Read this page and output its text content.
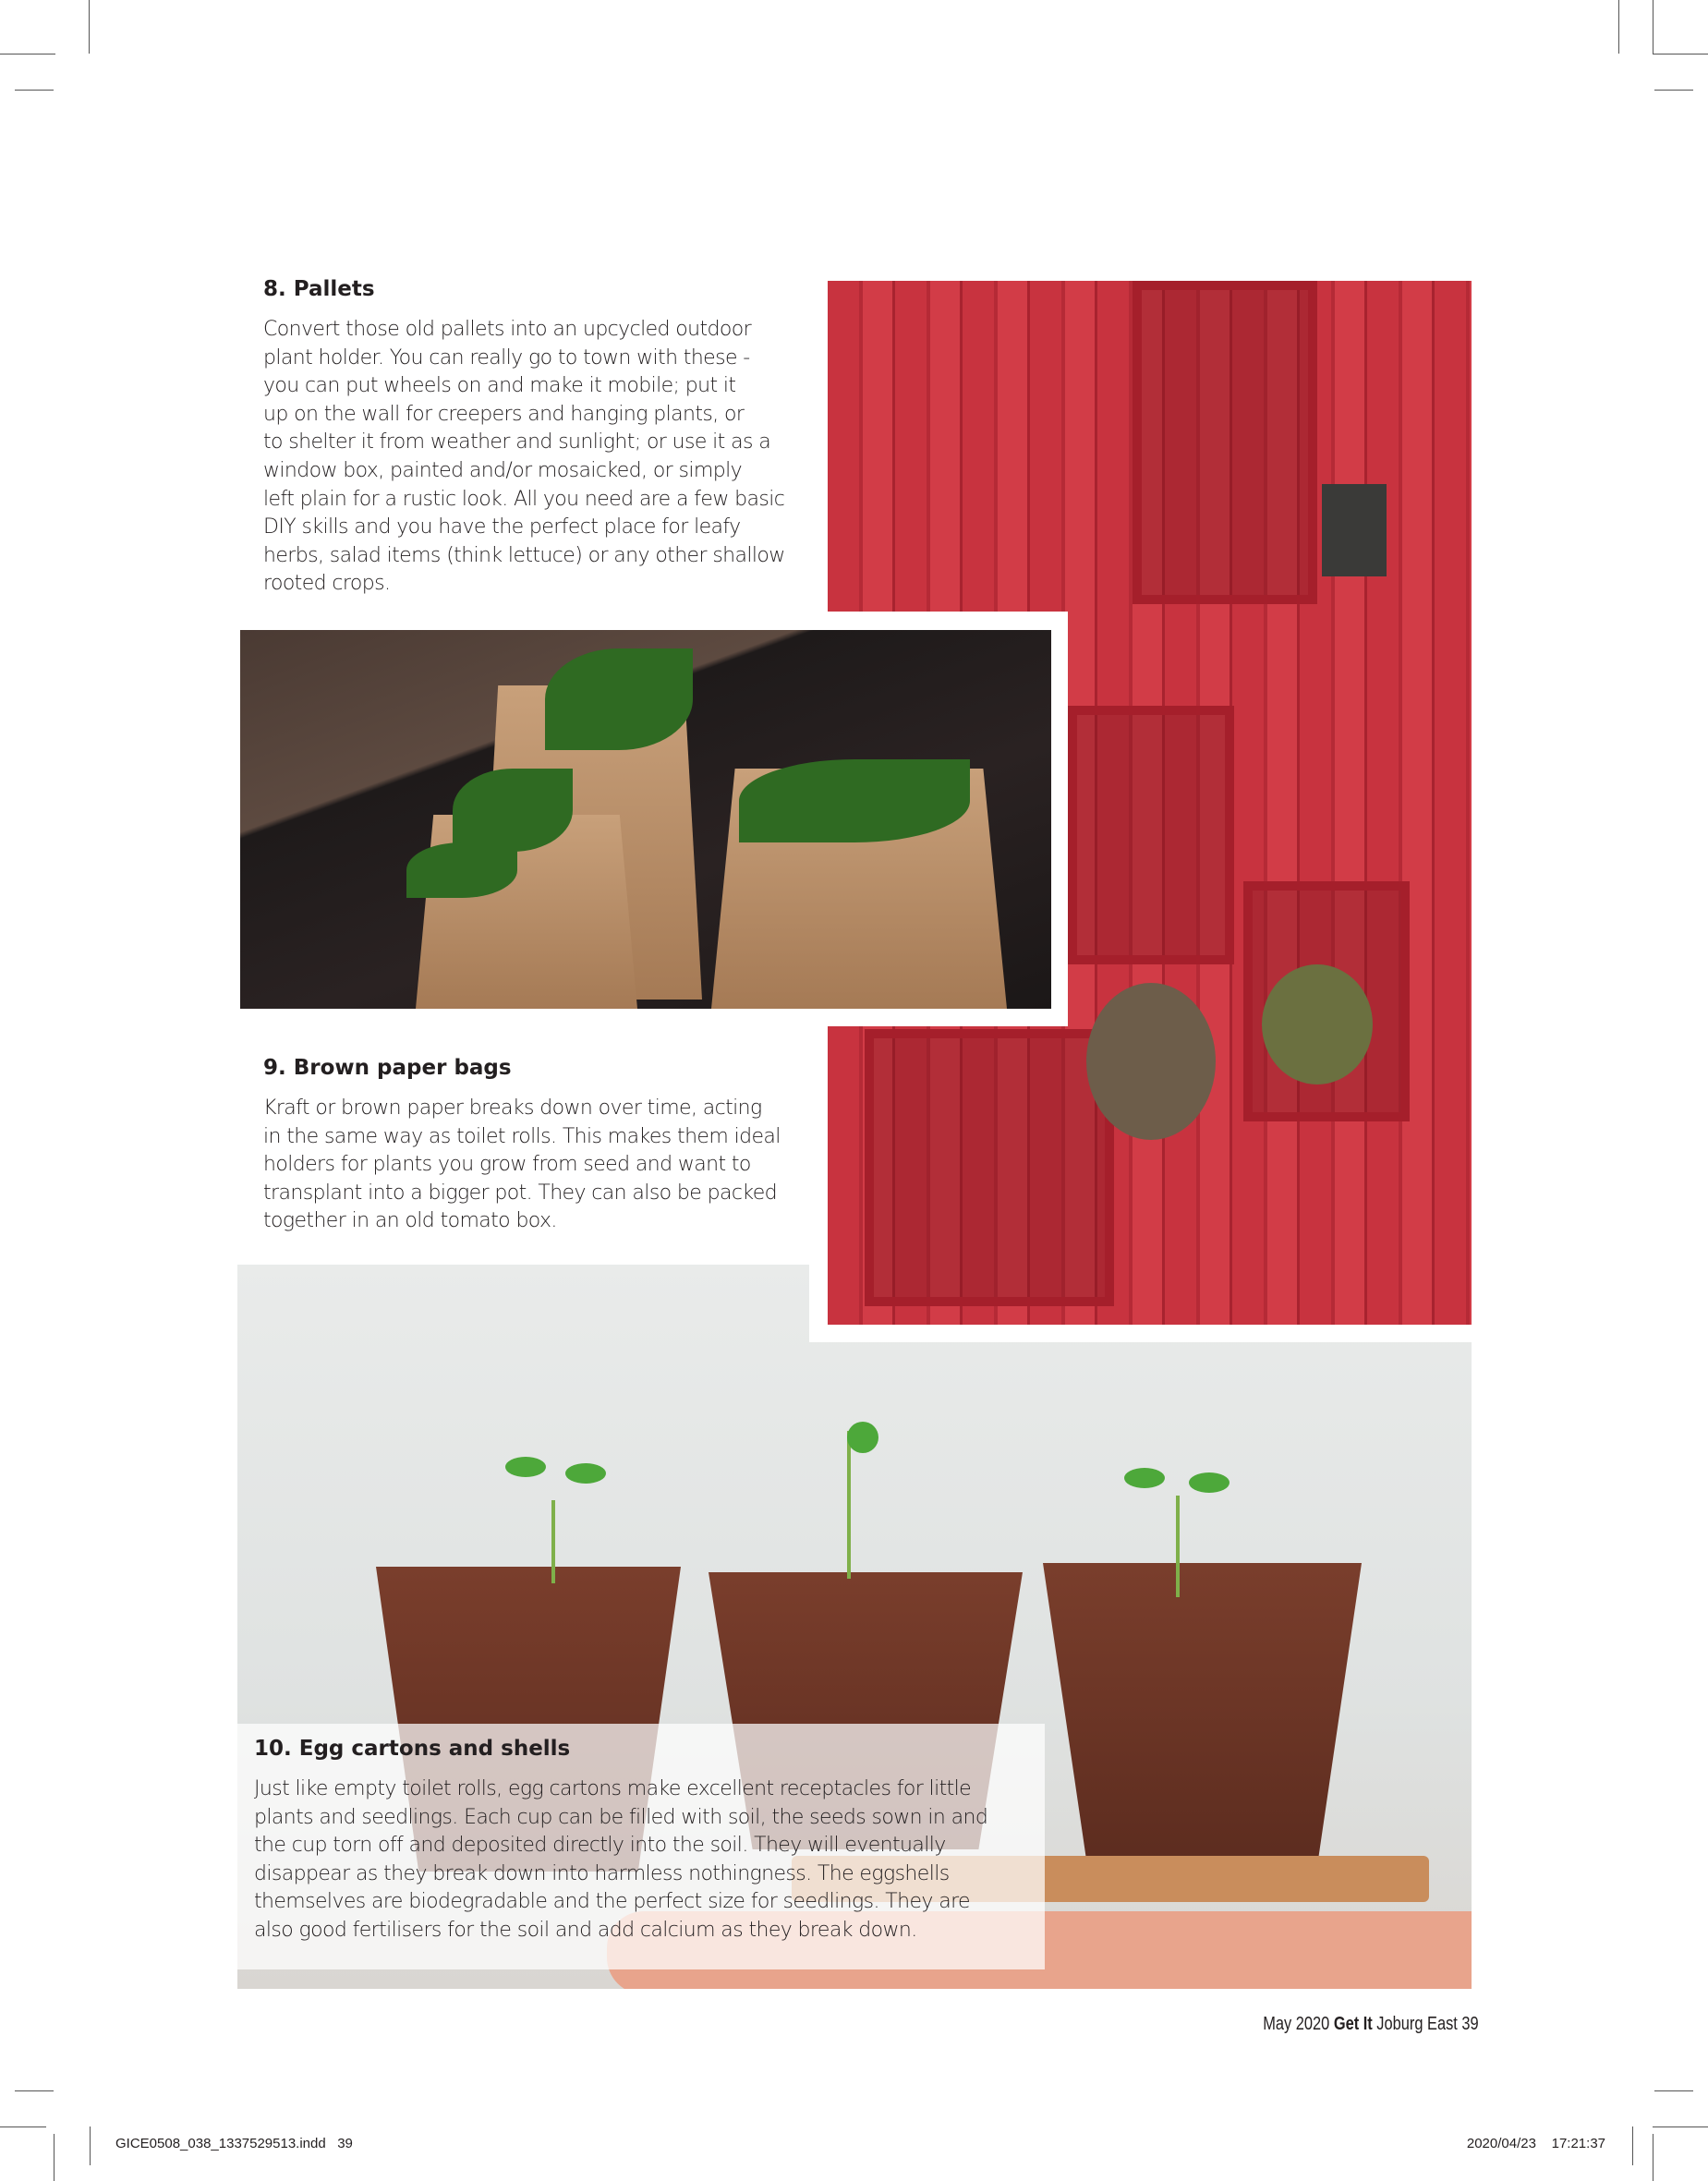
8. Pallets
Convert those old pallets into an upcycled outdoor
plant holder. You can really go to town with these -
you can put wheels on and make it mobile; put it
up on the wall for creepers and hanging plants, or
to shelter it from weather and sunlight; or use it as a
window box, painted and/or mosaicked, or simply
left plain for a rustic look. All you need are a few basic
DIY skills and you have the perfect place for leafy
herbs, salad items (think lettuce) or any other shallow
rooted crops.
9. Brown paper bags
Kraft or brown paper breaks down over time, acting
in the same way as toilet rolls. This makes them ideal
holders for plants you grow from seed and want to
transplant into a bigger pot. They can also be packed
together in an old tomato box.
10. Egg cartons and shells
Just like empty toilet rolls, egg cartons make excellent receptacles for little
plants and seedlings. Each cup can be filled with soil, the seeds sown in and
the cup torn off and deposited directly into the soil. They will eventually
disappear as they break down into harmless nothingness. The eggshells
themselves are biodegradable and the perfect size for seedlings. They are
also good fertilisers for the soil and add calcium as they break down.
May 2020 Get It Joburg East 39
GICE0508_038_1337529513.indd 39	2020/04/23 17:21:37
